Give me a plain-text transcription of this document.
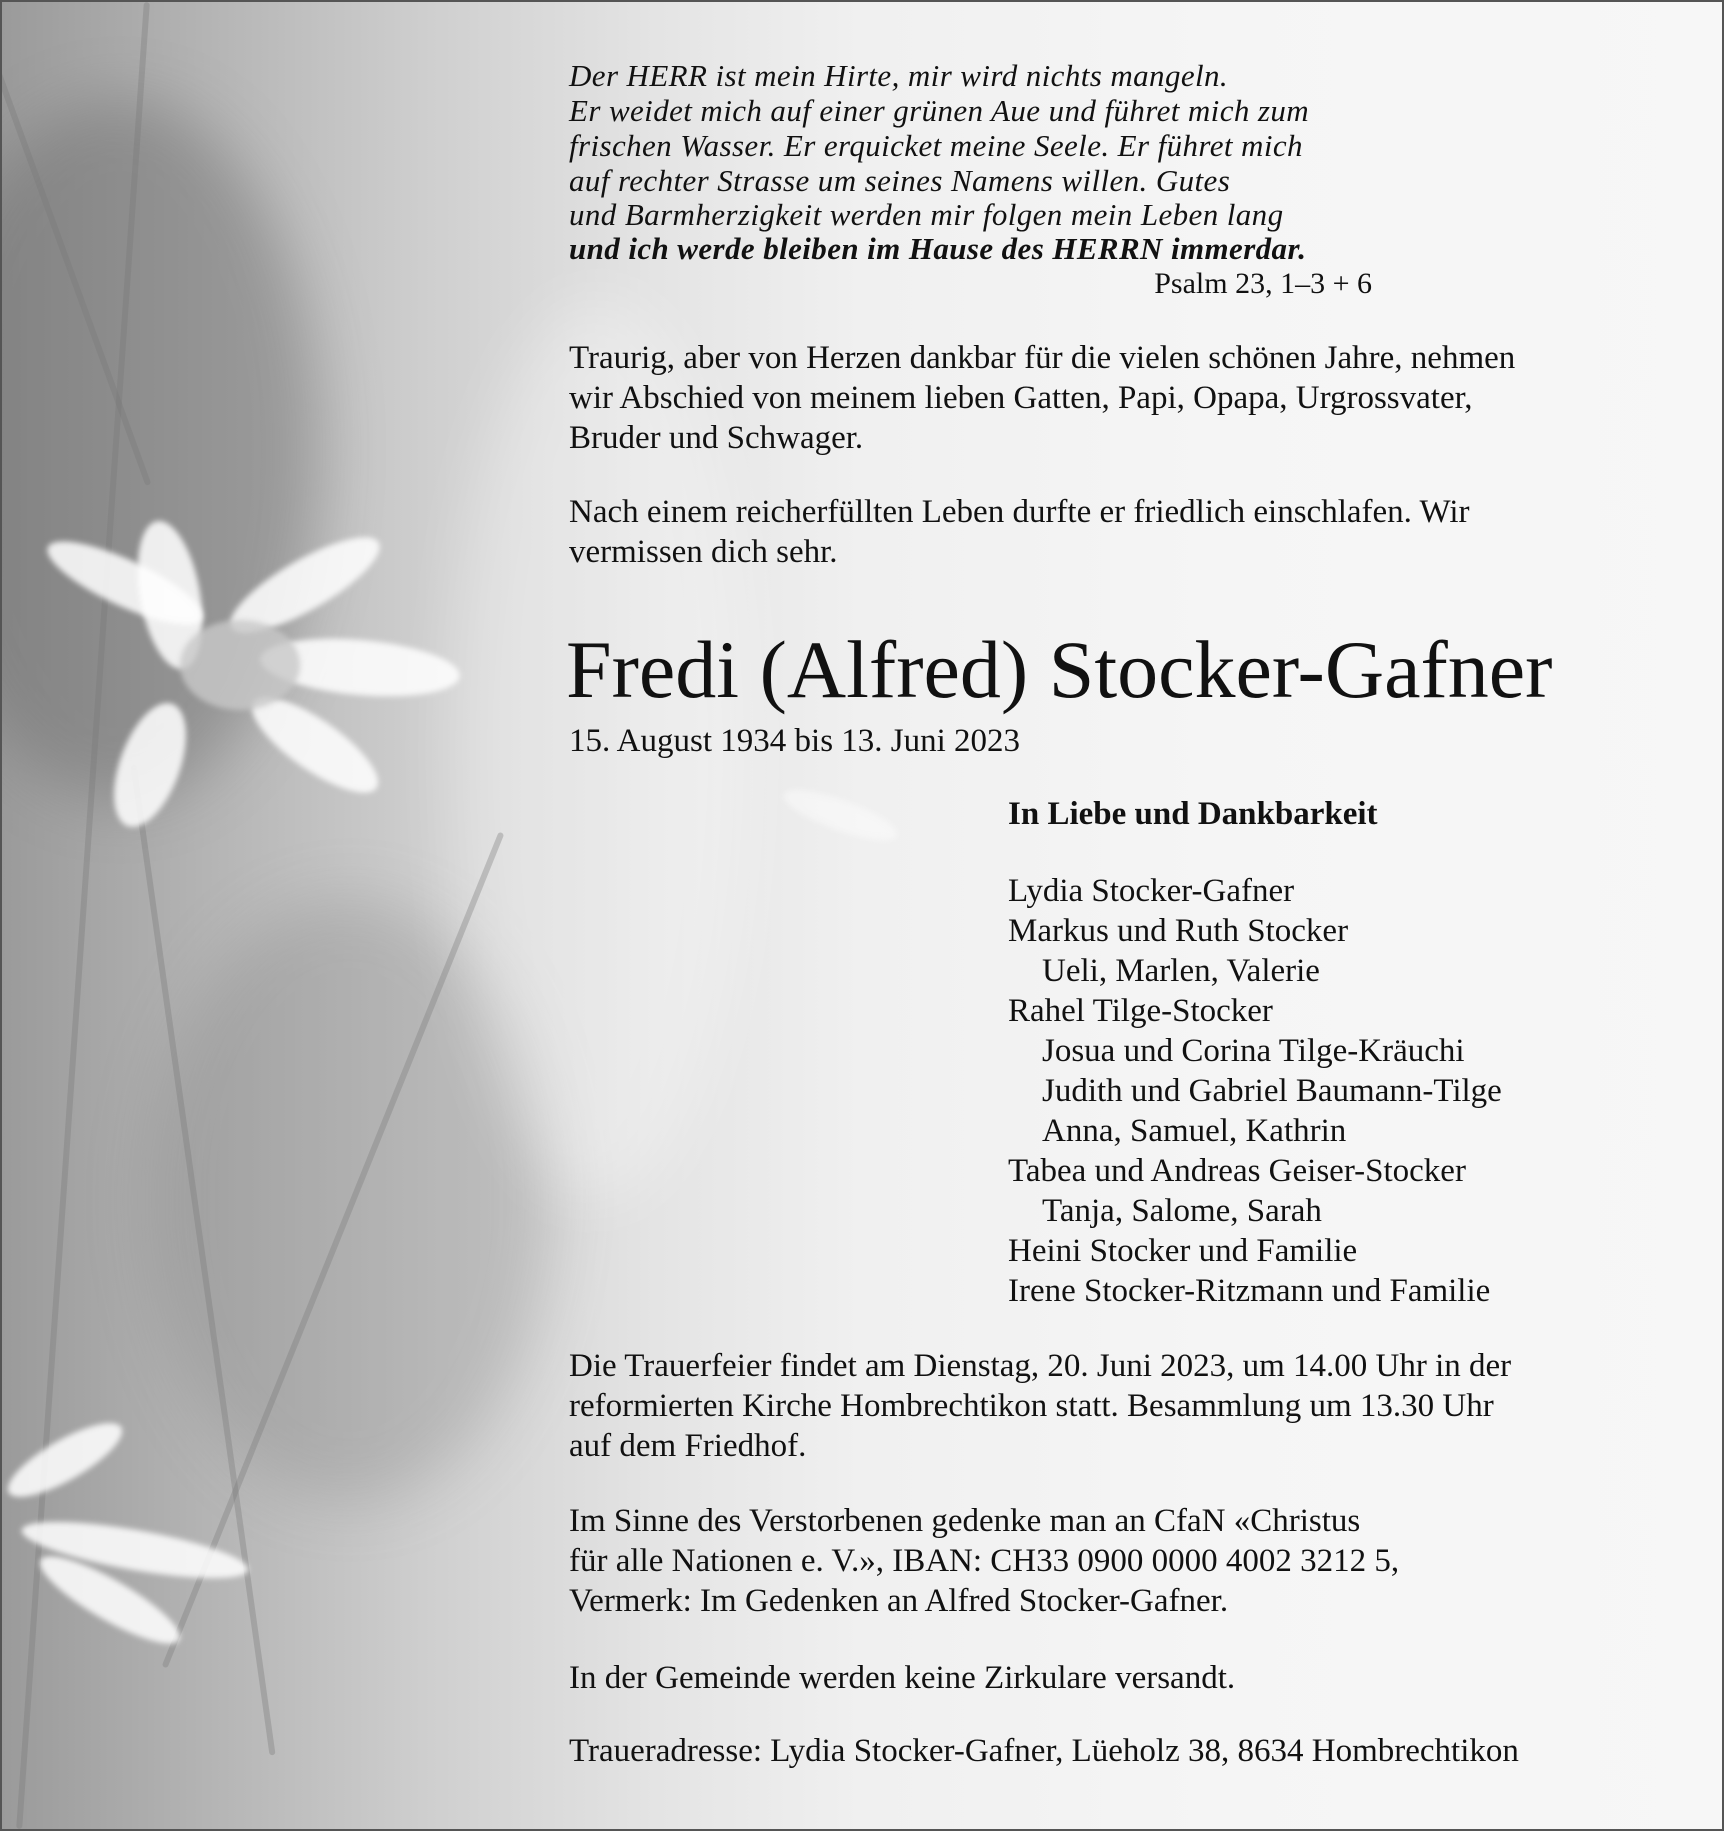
Der HERR ist mein Hirte, mir wird nichts mangeln.
Er weidet mich auf einer grünen Aue und führet mich zum
frischen Wasser. Er erquicket meine Seele. Er führet mich
auf rechter Strasse um seines Namens willen. Gutes
und Barmherzigkeit werden mir folgen mein Leben lang
und ich werde bleiben im Hause des HERRN immerdar.
Psalm 23, 1–3 + 6
Traurig, aber von Herzen dankbar für die vielen schönen Jahre, nehmen
wir Abschied von meinem lieben Gatten, Papi, Opapa, Urgrossvater,
Bruder und Schwager.
Nach einem reicherfüllten Leben durfte er friedlich einschlafen. Wir
vermissen dich sehr.
Fredi (Alfred) Stocker-Gafner
15. August 1934 bis 13. Juni 2023
In Liebe und Dankbarkeit
Lydia Stocker-Gafner
Markus und Ruth Stocker
Ueli, Marlen, Valerie
Rahel Tilge-Stocker
Josua und Corina Tilge-Kräuchi
Judith und Gabriel Baumann-Tilge
Anna, Samuel, Kathrin
Tabea und Andreas Geiser-Stocker
Tanja, Salome, Sarah
Heini Stocker und Familie
Irene Stocker-Ritzmann und Familie
Die Trauerfeier findet am Dienstag, 20. Juni 2023, um 14.00 Uhr in der
reformierten Kirche Hombrechtikon statt. Besammlung um 13.30 Uhr
auf dem Friedhof.
Im Sinne des Verstorbenen gedenke man an CfaN «Christus
für alle Nationen e. V.», IBAN: CH33 0900 0000 4002 3212 5,
Vermerk: Im Gedenken an Alfred Stocker-Gafner.
In der Gemeinde werden keine Zirkulare versandt.
Traueradresse: Lydia Stocker-Gafner, Lüeholz 38, 8634 Hombrechtikon
